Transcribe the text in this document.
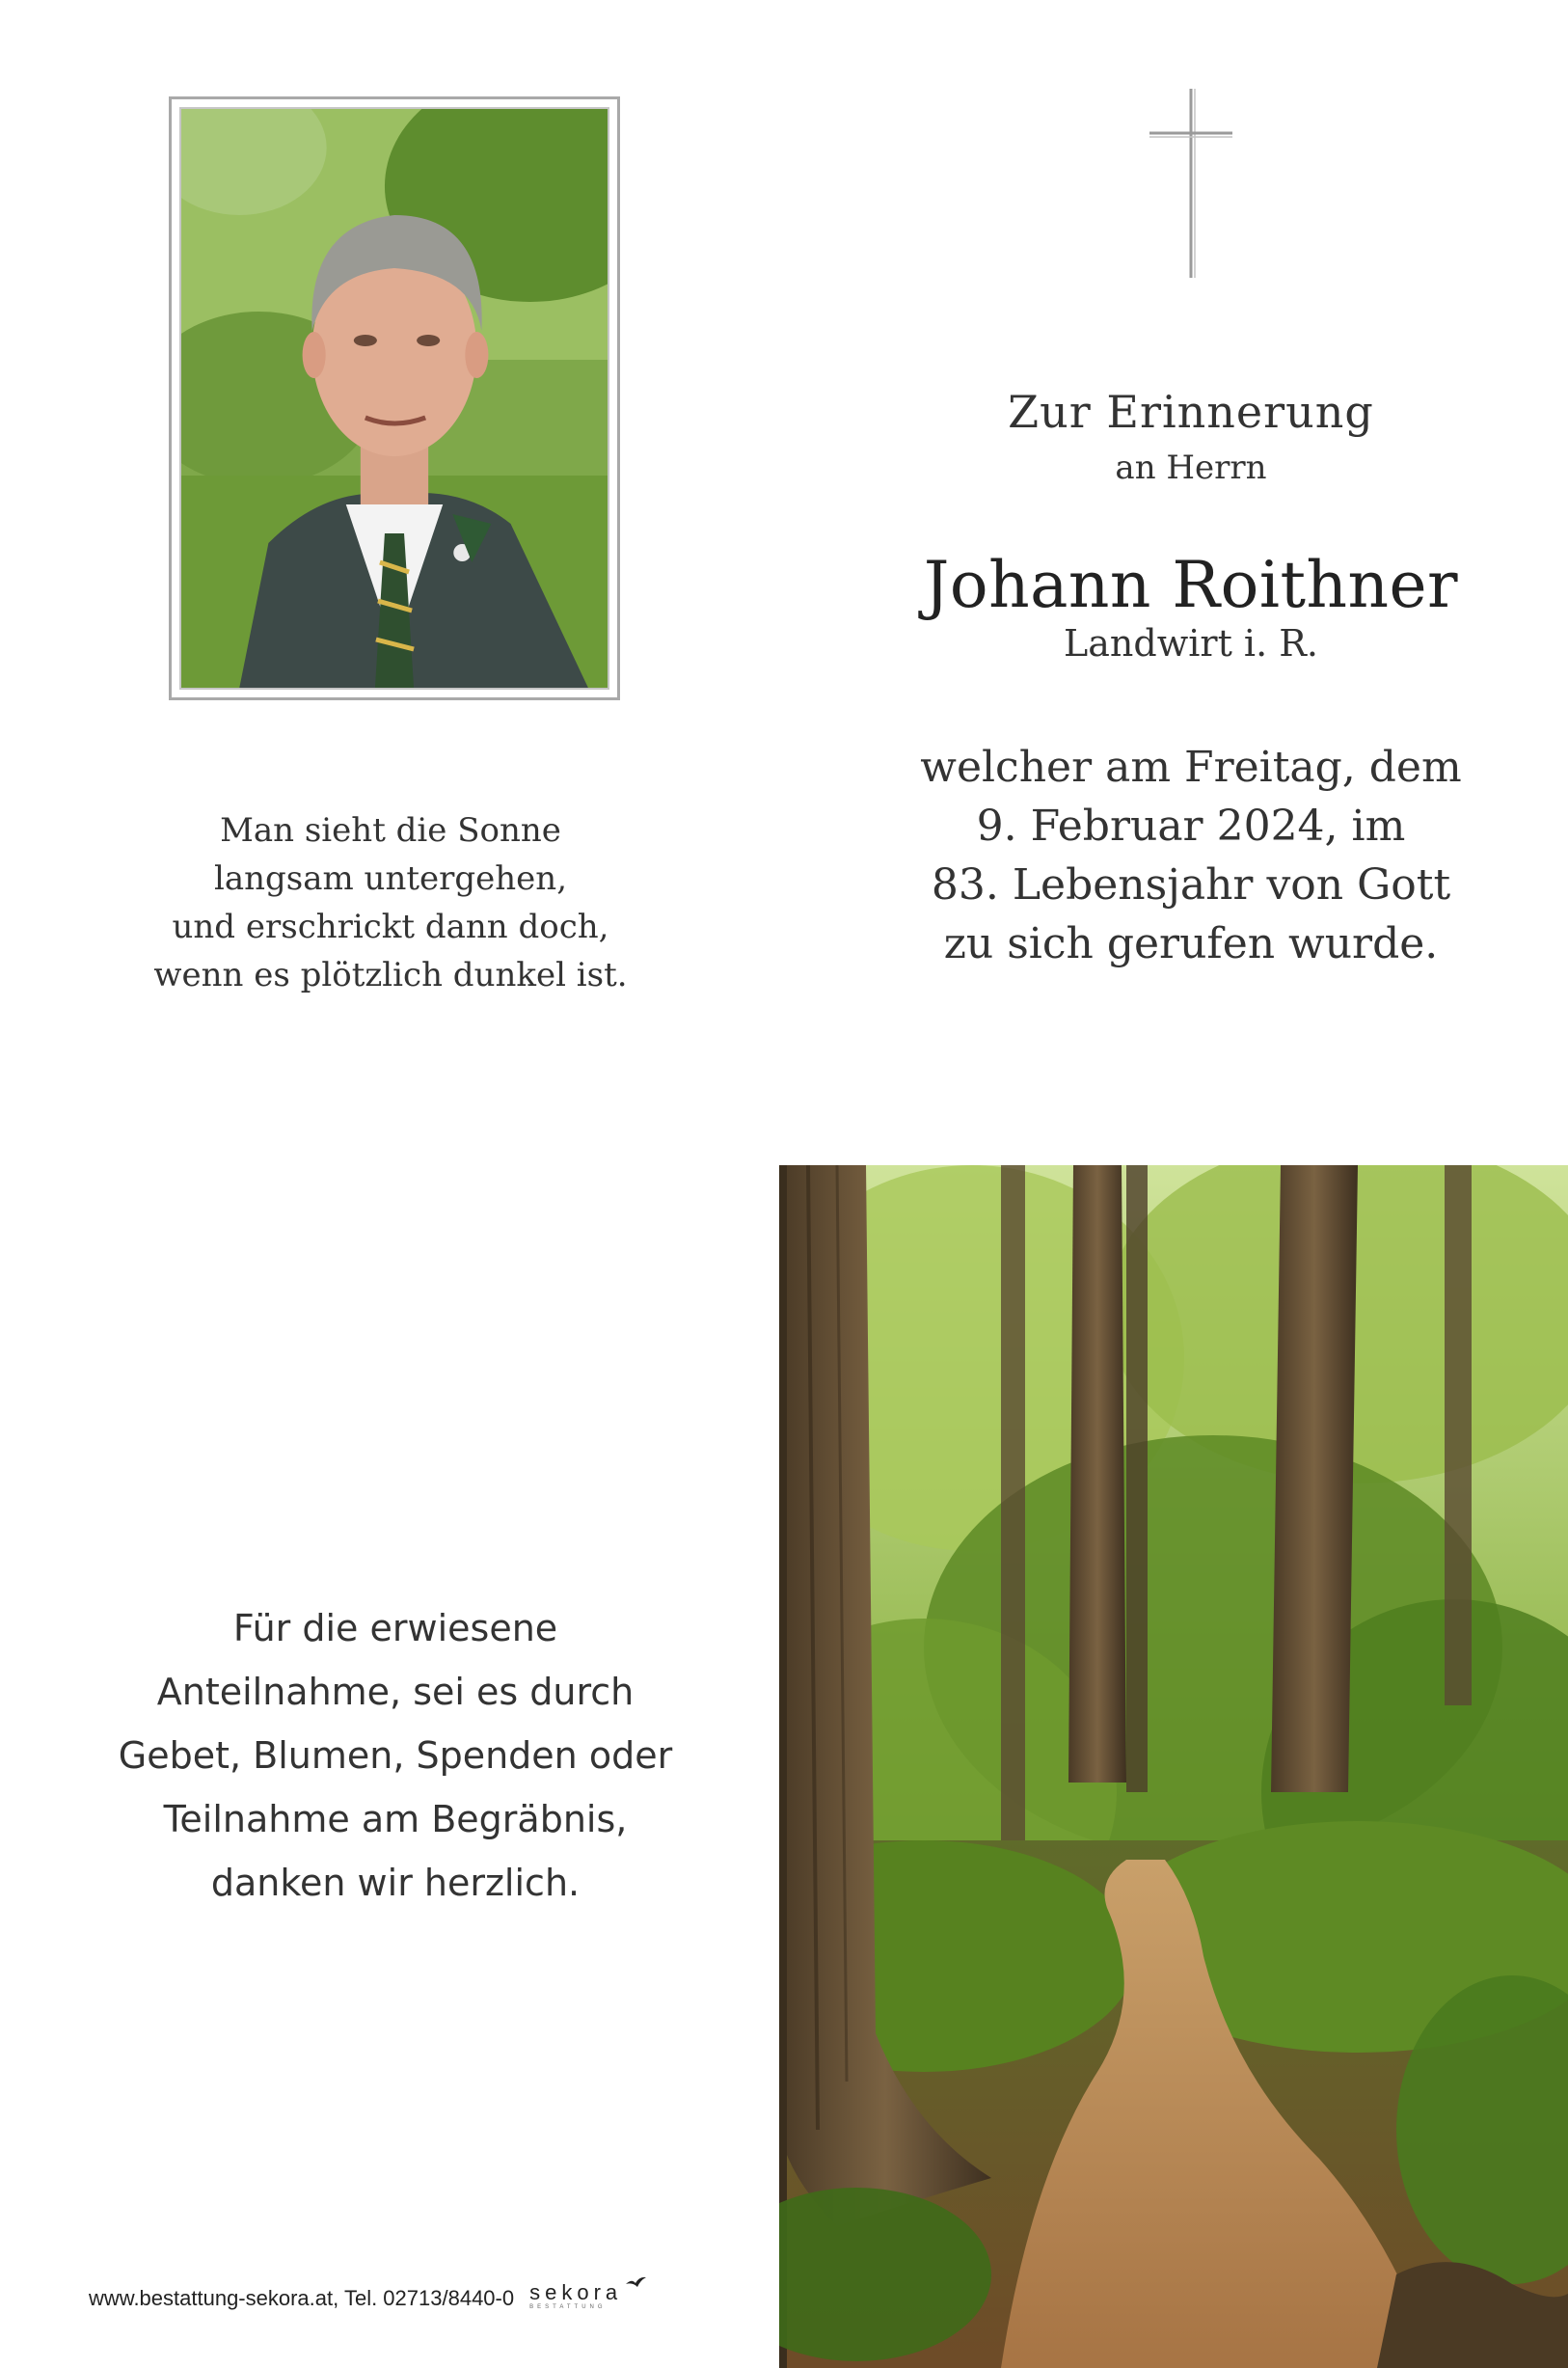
Zur Erinnerung
an Herrn
Johann Roithner
Landwirt i. R.
welcher am Freitag, dem
9. Februar 2024, im
83. Lebensjahr von Gott
zu sich gerufen wurde.
Man sieht die Sonne
langsam untergehen,
und erschrickt dann doch,
wenn es plötzlich dunkel ist.
Für die erwiesene
Anteilnahme, sei es durch
Gebet, Blumen, Spenden oder
Teilnahme am Begräbnis,
danken wir herzlich.
www.bestattung-sekora.at, Tel. 02713/8440-0 sekora
BESTATTUNG
